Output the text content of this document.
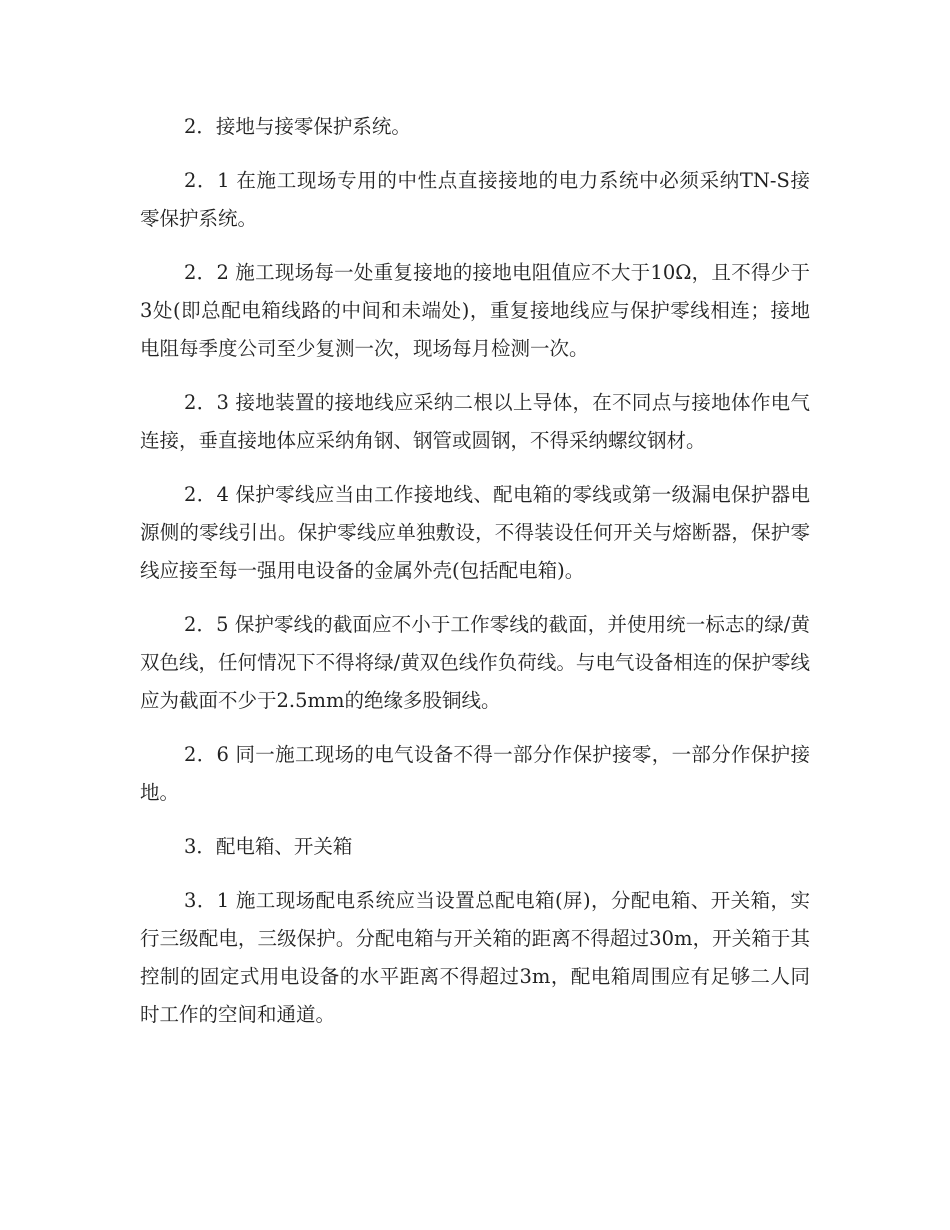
2．接地与接零保护系统。

2．1 在施工现场专用的中性点直接接地的电力系统中必须采纳TN-S接零保护系统。

2．2 施工现场每一处重复接地的接地电阻值应不大于10Ω，且不得少于3处(即总配电箱线路的中间和未端处)，重复接地线应与保护零线相连；接地电阻每季度公司至少复测一次，现场每月检测一次。

2．3 接地装置的接地线应采纳二根以上导体，在不同点与接地体作电气连接，垂直接地体应采纳角钢、钢管或圆钢，不得采纳螺纹钢材。

2．4 保护零线应当由工作接地线、配电箱的零线或第一级漏电保护器电源侧的零线引出。保护零线应单独敷设，不得装设任何开关与熔断器，保护零线应接至每一强用电设备的金属外壳(包括配电箱)。

2．5 保护零线的截面应不小于工作零线的截面，并使用统一标志的绿/黄双色线，任何情况下不得将绿/黄双色线作负荷线。与电气设备相连的保护零线应为截面不少于2.5mm的绝缘多股铜线。

2．6 同一施工现场的电气设备不得一部分作保护接零，一部分作保护接地。

3．配电箱、开关箱

3．1 施工现场配电系统应当设置总配电箱(屏)，分配电箱、开关箱，实行三级配电，三级保护。分配电箱与开关箱的距离不得超过30m，开关箱于其控制的固定式用电设备的水平距离不得超过3m，配电箱周围应有足够二人同时工作的空间和通道。
